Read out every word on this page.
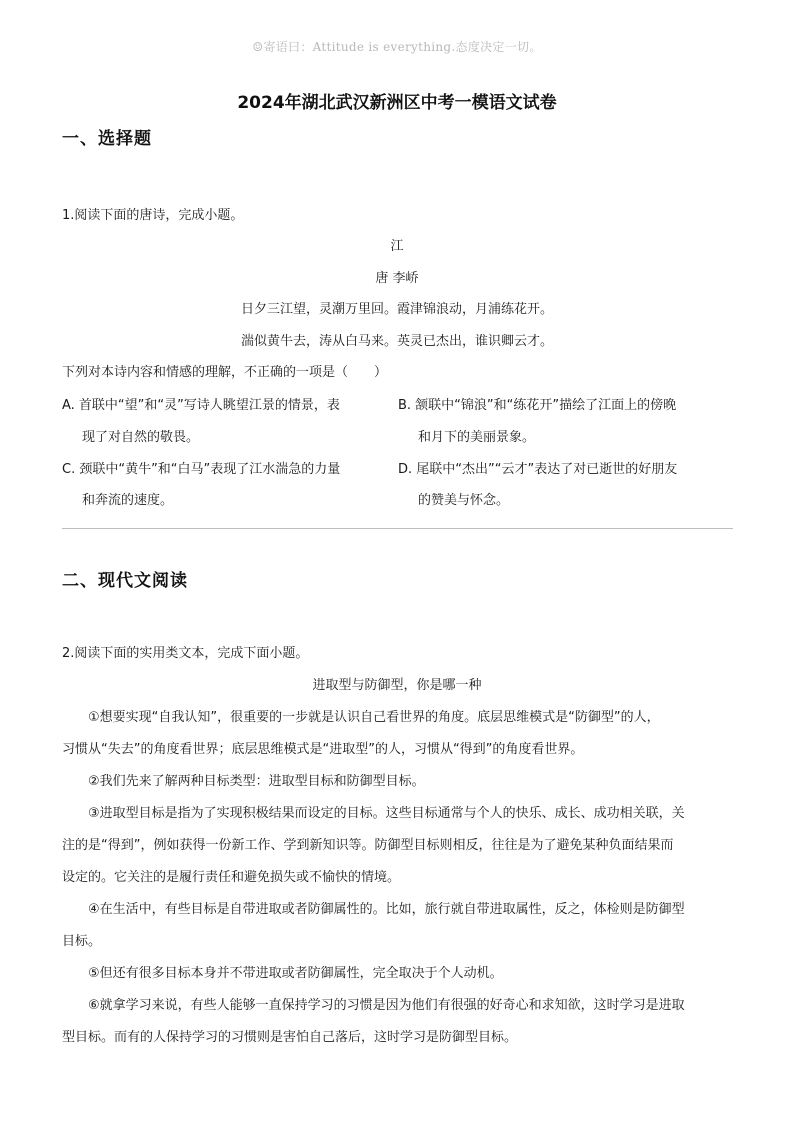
☺寄语曰：Attitude is everything.态度决定一切。
2024年湖北武汉新洲区中考一模语文试卷
一、选择题
1.阅读下面的唐诗，完成小题。
江
唐 李峤
日夕三江望，灵潮万里回。霞津锦浪动，月浦练花开。
湍似黄牛去，涛从白马来。英灵已杰出，谁识卿云才。
下列对本诗内容和情感的理解，不正确的一项是（　　）
A. 首联中“望”和“灵”写诗人眺望江景的情景，表	B. 颔联中“锦浪”和“练花开”描绘了江面上的傍晚
现了对自然的敬畏。	和月下的美丽景象。
C. 颈联中“黄牛”和“白马”表现了江水湍急的力量	D. 尾联中“杰出”“云才”表达了对已逝世的好朋友
和奔流的速度。	的赞美与怀念。
二、现代文阅读
2.阅读下面的实用类文本，完成下面小题。
进取型与防御型，你是哪一种
①想要实现“自我认知”，很重要的一步就是认识自己看世界的角度。底层思维模式是“防御型”的人，
习惯从“失去”的角度看世界；底层思维模式是“进取型”的人，习惯从“得到”的角度看世界。
②我们先来了解两种目标类型：进取型目标和防御型目标。
③进取型目标是指为了实现积极结果而设定的目标。这些目标通常与个人的快乐、成长、成功相关联，关
注的是“得到”，例如获得一份新工作、学到新知识等。防御型目标则相反，往往是为了避免某种负面结果而
设定的。它关注的是履行责任和避免损失或不愉快的情境。
④在生活中，有些目标是自带进取或者防御属性的。比如，旅行就自带进取属性，反之，体检则是防御型
目标。
⑤但还有很多目标本身并不带进取或者防御属性，完全取决于个人动机。
⑥就拿学习来说，有些人能够一直保持学习的习惯是因为他们有很强的好奇心和求知欲，这时学习是进取
型目标。而有的人保持学习的习惯则是害怕自己落后，这时学习是防御型目标。
